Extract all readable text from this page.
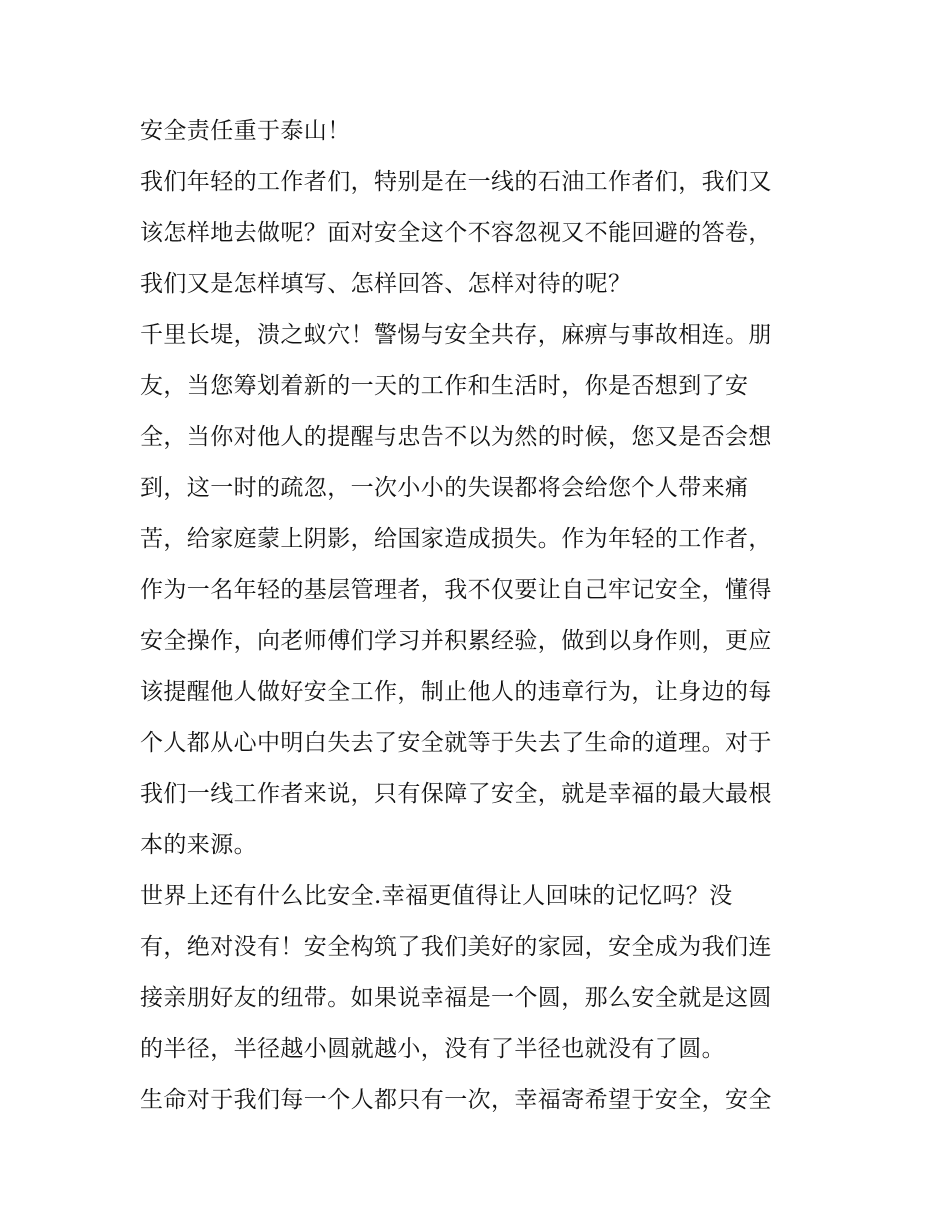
安全责任重于泰山！
我们年轻的工作者们，特别是在一线的石油工作者们，我们又
该怎样地去做呢？面对安全这个不容忽视又不能回避的答卷，
我们又是怎样填写、怎样回答、怎样对待的呢？
千里长堤，溃之蚁穴！警惕与安全共存，麻痹与事故相连。朋
友，当您筹划着新的一天的工作和生活时，你是否想到了安
全，当你对他人的提醒与忠告不以为然的时候，您又是否会想
到，这一时的疏忽，一次小小的失误都将会给您个人带来痛
苦，给家庭蒙上阴影，给国家造成损失。作为年轻的工作者，
作为一名年轻的基层管理者，我不仅要让自己牢记安全，懂得
安全操作，向老师傅们学习并积累经验，做到以身作则，更应
该提醒他人做好安全工作，制止他人的违章行为，让身边的每
个人都从心中明白失去了安全就等于失去了生命的道理。对于
我们一线工作者来说，只有保障了安全，就是幸福的最大最根
本的来源。
世界上还有什么比安全.幸福更值得让人回味的记忆吗？没
有，绝对没有！安全构筑了我们美好的家园，安全成为我们连
接亲朋好友的纽带。如果说幸福是一个圆，那么安全就是这圆
的半径，半径越小圆就越小，没有了半径也就没有了圆。
生命对于我们每一个人都只有一次，幸福寄希望于安全，安全
